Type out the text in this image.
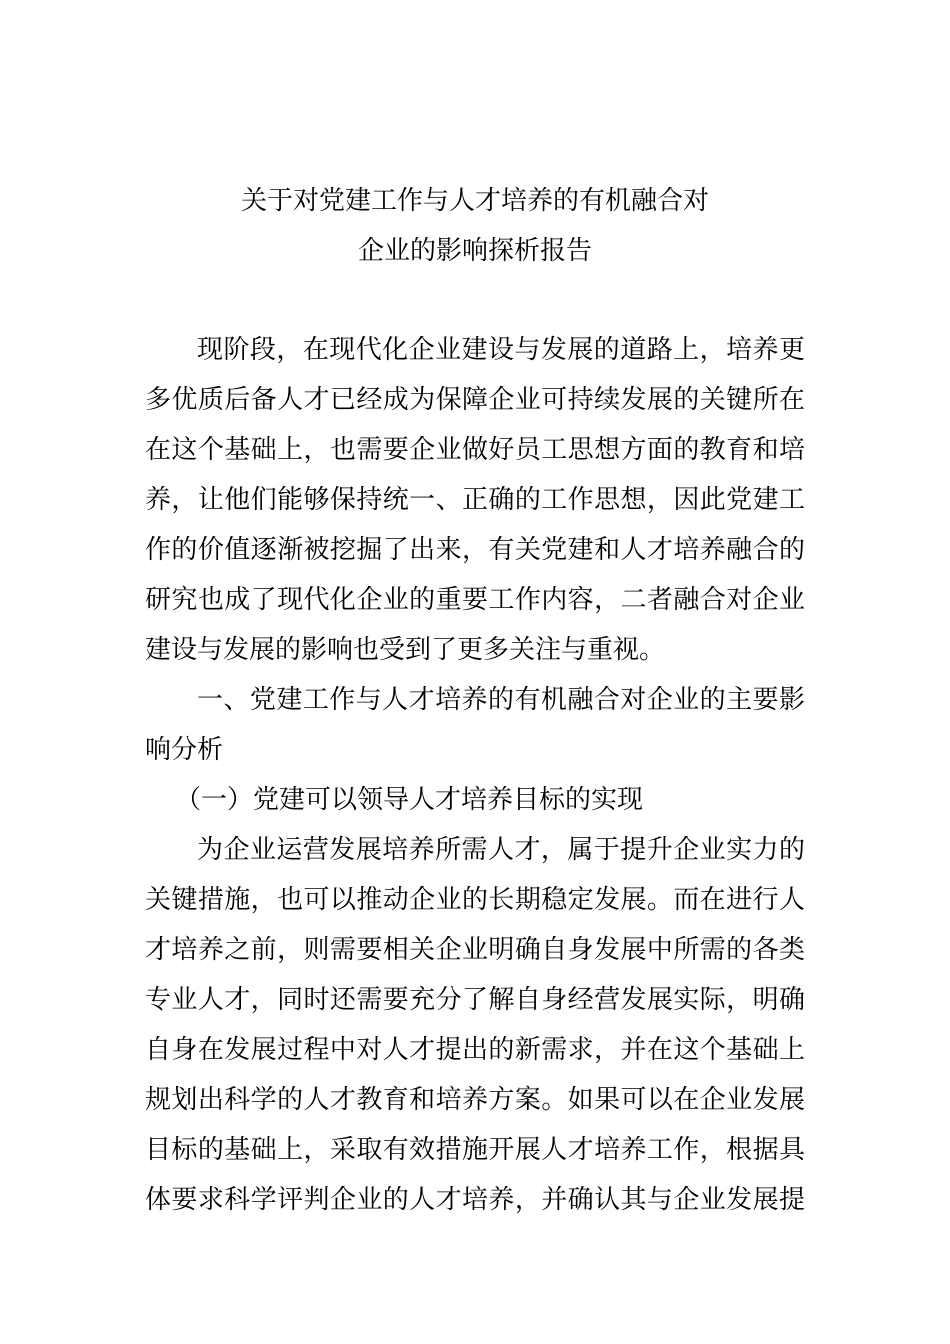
关于对党建工作与人才培养的有机融合对
企业的影响探析报告
现阶段，在现代化企业建设与发展的道路上，培养更
多优质后备人才已经成为保障企业可持续发展的关键所在
在这个基础上，也需要企业做好员工思想方面的教育和培
养，让他们能够保持统一、正确的工作思想，因此党建工
作的价值逐渐被挖掘了出来，有关党建和人才培养融合的
研究也成了现代化企业的重要工作内容，二者融合对企业
建设与发展的影响也受到了更多关注与重视。
一、党建工作与人才培养的有机融合对企业的主要影
响分析
（一）党建可以领导人才培养目标的实现
为企业运营发展培养所需人才，属于提升企业实力的
关键措施，也可以推动企业的长期稳定发展。而在进行人
才培养之前，则需要相关企业明确自身发展中所需的各类
专业人才，同时还需要充分了解自身经营发展实际，明确
自身在发展过程中对人才提出的新需求，并在这个基础上
规划出科学的人才教育和培养方案。如果可以在企业发展
目标的基础上，采取有效措施开展人才培养工作，根据具
体要求科学评判企业的人才培养，并确认其与企业发展提
